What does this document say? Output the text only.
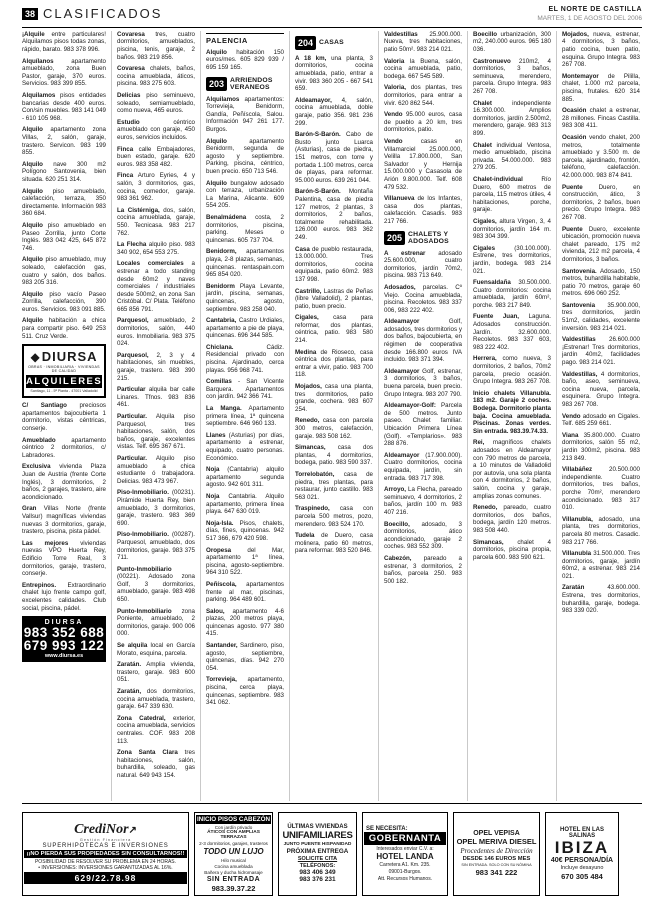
38 CLASIFICADOS	EL NORTE DE CASTILLA
MARTES, 1 DE AGOSTO DEL 2006

¡Alquile entre particulares! Alquilamos pisos todas zonas, rápido, barato. 983 378 996.

Alquílanos apartamento amueblado, zona Buen Pastor, garaje, 370 euros. Servicios. 983 399 855.

Alquilamos pisos entidades bancarias desde 400 euros. Con/sin muebles. 983 141 049 - 610 105 968.

Alquilo apartamento zona Villas, 2, salón, garaje, trastero. Servicon. 983 199 855.

Alquilo nave 300 m2 Polígono Santovenia, bien situada. 620 251 314.

Alquilo piso amueblado, calefacción, terraza, 350 directamente. Información 983 360 684.

Alquilo piso amueblado en Paseo Zorrilla, junto Corte Inglés. 983 042 425, 645 872 746.

Alquilo piso amueblado, muy soleado, calefacción gas, cuatro y salón, dos baños. 983 205 316.

Alquilo piso vacío Paseo Zorrilla, calefacción, 390 euros. Servicios. 983 091 885.

Alquilo habitación a chica para compartir piso. 649 253 511. Cruz Verde.

◆ DIURSA
OBRAS · INMOBILIARIA · VIVIENDAS DE CALIDAD
ALQUILERES
Santiago, 11 - 5ª Planta - 47001 Valladolid

C/ Santiago preciosos apartamentos bajocubierta 1 dormitorio, vistas céntricas, conserje.

Amueblado apartamento céntrico 2 dormitorios, c/ Labradores.

Exclusiva vivienda Plaza Juan de Austria (frente Corte Inglés), 3 dormitorios, 2 baños, 2 garajes, trastero, aire acondicionado.

Gran Villas Norte (frente Vallsur) magníficas viviendas nuevas 3 dormitorios, garaje, trastero, piscina, pista pádel.

Las mejores viviendas nuevas VPO Huerta Rey, Edificio Torre Real, 3 dormitorios, garaje, trastero, conserje.

Entrepinos. Extraordinario chalet lujo frente campo golf, excelentes calidades. Club social, piscina, pádel.

DIURSA
983 352 688
679 993 122
www.diursa.es

Covaresa tres, cuatro dormitorios, amueblados, piscina, tenis, garaje, 2 baños. 983 219 856.

Covaresa chalets, baños, cocina amueblada, áticos, piscina. 983 275 603.

Delicias piso seminuevo, soleado, semiamueblado, como nueva, 465 euros.

Estudio céntrico amueblado con garaje, 450 euros, servicios incluidos.

Finca calle Embajadores, buen estado, garaje. 620 euros. 983 358 482.

Finca Arturo Eyries, 4 y salón, 3 dormitorios, gas, cocina, comedor, garaje. 983 361 962.

La Cistérniga, dos, salón, cocina amueblada, garaje, 550. Tecnicasa. 983 217 762.

La Flecha alquilo piso. 983 340 902, 654 553 275.

Locales comerciales a estrenar a todo standing desde 60m2 y naves comerciales / industriales desde 500m2, en zona San Cristóbal. C/ Plata. Teléfono 665 856 791.

Parquesol, amueblado, 2 dormitorios, salón, 440 euros. Inmobiliaria. 983 375 024.

Parquesol, 2, 3 y 4 habitaciones, sin muebles, garaje, trastero. 983 390 215.

Particular alquila bar calle Linares. Tfnos. 983 836 461.

Particular. Alquila piso Parquesol, tres habitaciones, salón, dos baños, garaje, excelentes vistas. Telf. 695 367 671.

Particular. Alquilo piso amueblado a chica estudiante ó trabajadora. Delicias. 983 473 967.

Piso-Inmobiliario. (00231). Pirámide Huerta Rey, bien amueblado, 3 dormitorios, garaje, trastero. 983 369 690.

Piso-Inmobiliario. (00287). Parquesol, amueblado, dos dormitorios, garaje. 983 375 711.

Punto-Inmobiliario (00221). Adosado zona Golf, 3 dormitorios, amueblado, garaje. 983 498 650.

Punto-Inmobiliario zona Poniente, amueblado, 2 dormitorios, garaje. 900 006 000.

Se alquila local en García Morato, esquina, parcela.

Zaratán. Amplia vivienda, trastero, garaje. 983 600 051.

Zaratán, dos dormitorios, cocina amueblada, trastero, garaje. 647 339 630.

Zona Catedral, exterior, cocina amueblada, servicios centrales. COF. 983 208 113.

Zona Santa Clara tres habitaciones, salón, buhardilla, soleado, gas natural. 649 943 154.

PALENCIA

Alquilo habitación 150 euros/mes. 605 829 939 / 695 159 165.

203 ARRIENDOS VERANEOS

Alquilamos apartamentos: Torrevieja, Benidorm, Gandía, Peñíscola, Salou. Información 947 261 177. Burgos.

Alquilo apartamento Benidorm, segunda de agosto y septiembre. Parking, piscina, céntrico, buen precio. 650 713 546.

Alquilo bungalow adosado con terraza, urbanización La Marina, Alicante. 609 554 205.

Benalmádena costa, 2 dormitorios, piscina, parking. Meses o quincenas. 605 737 704.

Benidorm, apartamentos playa, 2-8 plazas, semanas, quincenas. rentaspain.com 965 854 020.

Benidorm Playa Levante, jardín, piscina, semanas, quincenas, agosto, septiembre. 983 258 040.

Cantabria, Castro Urdiales, apartamento a pie de playa, quincenas. 696 344 585.

Chiclana. Cádiz. Residencial privado con piscina. Ajardinado, cerca playas. 956 968 741.

Comillas - San Vicente Barquera. Apartamentos con jardín. 942 366 741.

La Manga. Apartamento primera línea, 1ª quincena septiembre. 646 960 133.

Llanes (Asturias) por días, apartamento a estrenar, equipado, cuatro personas. Económico.

Noja (Cantabria) alquilo apartamento segunda agosto. 942 601 311.

Noja Cantabria. Alquilo apartamento, primera línea playa. 647 630 019.

Noja-Isla. Pisos, chalets, días, fines, quincenas. 942 517 366, 679 420 598.

Oropesa del Mar, apartamento 1ª línea, piscina, agosto-septiembre. 964 310 522.

Peñíscola, apartamentos frente al mar, piscinas, parking. 964 489 601.

Salou, apartamento 4-6 plazas, 200 metros playa, quincenas agosto. 977 380 415.

Santander, Sardinero, piso, agosto, septiembre, quincenas, días. 942 270 054.

Torrevieja, apartamento, piscina, cerca playa, quincenas, septiembre. 983 341 062.

204 CASAS

A 18 km, una planta, 3 dormitorios, cocina amueblada, patio, entrar a vivir. 983 360 205 - 667 541 659.

Aldeamayor, 4, salón, cocina amueblada, doble garaje, patio 356. 981 236 299.

Barón-S-Barón. Cabo de Busto junto Luarca (Asturias), casa de piedra, 151 metros, con torre y portada 1.100 metros, cerca de playas, para reformar. 95.000 euros. 639 261 044.

Barón-S-Barón. Montaña Palentina, casa de piedra 127 metros, 2 plantas, 3 dormitorios, 2 baños, totalmente rehabilitada. 126.000 euros. 983 362 249.

Casa de pueblo restaurada, 13.000.000. Tres dormitorios, cocina equipada, patio 60m2. 983 137 998.

Castrillo, Lastras de Peñas (libre Valladolid), 2 plantas, patio, buen precio.

Cigales, casa para reformar, dos plantas, céntrica, patio. 983 580 214.

Medina de Rioseco, casa céntrica dos plantas, para entrar a vivir, patio. 983 700 118.

Mojados, casa una planta, tres dormitorios, patio grande, cochera. 983 607 254.

Renedo, casa con parcela 300 metros, calefacción, garaje. 983 508 162.

Simancas, casa dos plantas, 4 dormitorios, bodega, patio. 983 590 337.

Torrelobatón, casa de piedra, tres plantas, para restaurar, junto castillo. 983 563 021.

Traspinedo, casa con parcela 500 metros, pozo, merendero. 983 524 170.

Tudela de Duero, casa molinera, patio 60 metros, para reformar. 983 520 846.

Valdestillas 25.900.000. Nueva, tres habitaciones, patio 50m². 983 214 021.

Valoria la Buena, salón, cocina amueblada, patio, bodega. 667 545 589.

Valoria, dos plantas, tres dormitorios, para entrar a vivir. 620 862 544.

Vendo 95.000 euros, casa de pueblo a 20 km, tres dormitorios, patio.

Vendo casas en Villamarciel 25.000.000, Velilla 17.800.000, San Salvador y Hernija 15.000.000 y Casasola de Arión 9.800.000. Telf. 608 479 532.

Villanueva de los Infantes, casa dos plantas, calefacción. Casadis. 983 217 766.

205 CHALETS Y ADOSADOS

A estrenar adosado 25.600.000, cuatro dormitorios, jardín 70m2, piscina. 983 713 649.

Adosados, parcelas. Cº Viejo. Cocina amueblada, piscina. Recoletos. 983 337 006, 983 222 402.

Aldeamayor Golf, adosados, tres dormitorios y dos baños, bajocubierta, en régimen de cooperativa desde 166.800 euros IVA incluido. 983 371 394.

Aldeamayor Golf, estrenar, 3 dormitorios, 3 baños, buena parcela, buen precio. Grupo Integra. 983 207 790.

Aldeamayor-Golf: Parcela de 500 metros. Junto paseo. Chalet familiar. Ubicación Primera Línea (Golf). «Templarios». 983 288 876.

Aldeamayor (17.900.000). Cuatro dormitorios, cocina equipada, jardín, sin entrada. 983 717 398.

Arroyo, La Flecha, pareado seminuevo, 4 dormitorios, 2 baños, jardín 100 m. 983 407 216.

Boecillo, adosado, 3 dormitorios, ático acondicionado, garaje 2 coches. 983 552 309.

Cabezón, pareado a estrenar, 3 dormitorios, 2 baños, parcela 250. 983 500 182.

Boecillo urbanización, 300 m2, 240.000 euros. 965 180 036.

Castronuevo 210m2, 4 dormitorios, 3 baños, seminueva, merendero, parcela. Grupo Integra. 983 267 708.

Chalet independiente 16.300.000. Amplios dormitorios, jardín 2.500m2, merendero, garaje. 983 313 899.

Chalet individual Ventosa, medio amueblado, piscina privada. 54.000.000. 983 279 205.

Chalet-individual Río Duero, 600 metros de parcela, 115 metros útiles, 4 habitaciones, porche, garaje.

Cigales, altura Virgen, 3, 4 dormitorios, jardín 164 m. 983 304 399.

Cigales (30.100.000). Estrene, tres dormitorios, jardín, bodega. 983 214 021.

Fuensaldaña 30.500.000. Cuatro dormitorios: cocina amueblada, jardín 60m², porche. 983 217 849.

Fuente Juan, Laguna. Adosados construcción. Jardín. 32.600.000. Recoletos. 983 337 603, 983 222 402.

Herrera, como nueva, 3 dormitorios, 2 baños, 70m2 parcela, precio ocasión. Grupo Integra. 983 267 708.

Inicio chalets Villanubla. 183 m2. Garaje 2 coches. Bodega. Dormitorio planta baja. Cocina amueblada. Piscinas. Zonas verdes. Sin entrada. 983.39.74.33.

Rei, magníficos chalets adosados en Aldeamayor con 790 metros de parcela, a 10 minutos de Valladolid por autovía, una sola planta con 4 dormitorios, 2 baños, salón, cocina y garaje, amplias zonas comunes.

Renedo, pareado, cuatro dormitorios, dos baños, bodega, jardín 120 metros. 983 508 440.

Simancas, chalet 4 dormitorios, piscina propia, parcela 600. 983 590 621.

Mojados, nueva, estrenar, 4 dormitorios, 3 baños, patio cocina, buen patio, esquina. Grupo Integra. 983 267 708.

Montemayor de Pililla, chalet, 1.000 m2 parcela, piscina, frutales. 620 314 885.

Ocasión chalet a estrenar, 28 millones. Fincas Castilla. 983 308 411.

Ocasión vendo chalet, 200 metros, totalmente amueblado y 3.500 m. de parcela, ajardinado, frontón, teléfono, calefacción. 42.000.000. 983 874 841.

Puente Duero, en construcción, ático, 3 dormitorios, 2 baños, buen precio. Grupo Integra. 983 267 708.

Puente Duero, excelente ubicación, promoción nueva chalet pareado, 175 m2 vivienda, 212 m2 parcela, 4 dormitorios, 3 baños.

Santovenia. Adosado, 150 metros, buhardilla habitable, patio 70 metros, garaje 60 metros. 696 060 252.

Santovenia 35.900.000, tres dormitorios, jardín 51m2, calidades, excelente inversión. 983 214 021.

Valdestillas 26.600.000 ¡Estrenar! Tres dormitorios, jardín 40m2, facilidades pago. 983 214 021.

Valdestillas, 4 dormitorios, baño, aseo, seminueva, cocina nueva, parcela, esquinera. Grupo Integra. 983 267 708.

Vendo adosado en Cigales. Telf. 685 259 661.

Viana 35.800.000. Cuatro dormitorios, salón 55 m2, jardín 300m2, piscina. 983 213 849.

Villabáñez 20.500.000 independiente. Cuatro dormitorios, tres baños, porche 70m², merendero acondicionado. 983 317 010.

Villanubla, adosado, una planta, tres dormitorios, parcela 80 metros. Casadic. 983 217 766.

Villanubla 31.500.000. Tres dormitorios, garaje, jardín 60m2, a estrenar. 983 214 021.

Zaratán 43.600.000. Estrena, tres dormitorios, buhardilla, garaje, bodega. 983 339 020.

CrediNor↗
Gestión Financiera
SUPERHIPOTECAS E INVERSIONES
¡¡NO PIERDA SUS PROPIEDADES SIN CONSULTARNOS!!
POSIBILIDAD DE RESOLVER SU PROBLEMA EN 24 HORAS.
• INVERSIONES: INVERSIONES GARANTIZADAS AL 16%.
629/22.78.98
INICIO PISOS CABEZÓN
Con jardín privado
ÁTICOS CON AMPLIAS TERRAZAS
2-3 dormitorios, garajes, trasteros
TODO UN LUJO
Hilo musical
Cocina amueblada
Bañera y ducha hidromasaje
SIN ENTRADA
983.39.37.22
ÚLTIMAS VIVIENDAS
UNIFAMILIARES
JUNTO PUENTE HISPANIDAD
PRÓXIMA ENTREGA
SOLICITE CITA
TELÉFONOS:
983 406 349
983 376 231
SE NECESITA:
GOBERNANTA
Interesados enviar C.V. a:
HOTEL LANDA
Carretera A1. Km. 235.
09001-Burgos.
Att. Recursos Humanos.
OPEL VEPISA
OPEL MERIVA DIESEL
Procedentes de Dirección
DESDE 146 EUROS MES
SIN ENTRADA. SOLO CON SU NÓMINA
983 341 222
HOTEL EN LAS SALINAS
IBIZA
40€ PERSONA/DÍA
Incluye desayuno
670 305 484
